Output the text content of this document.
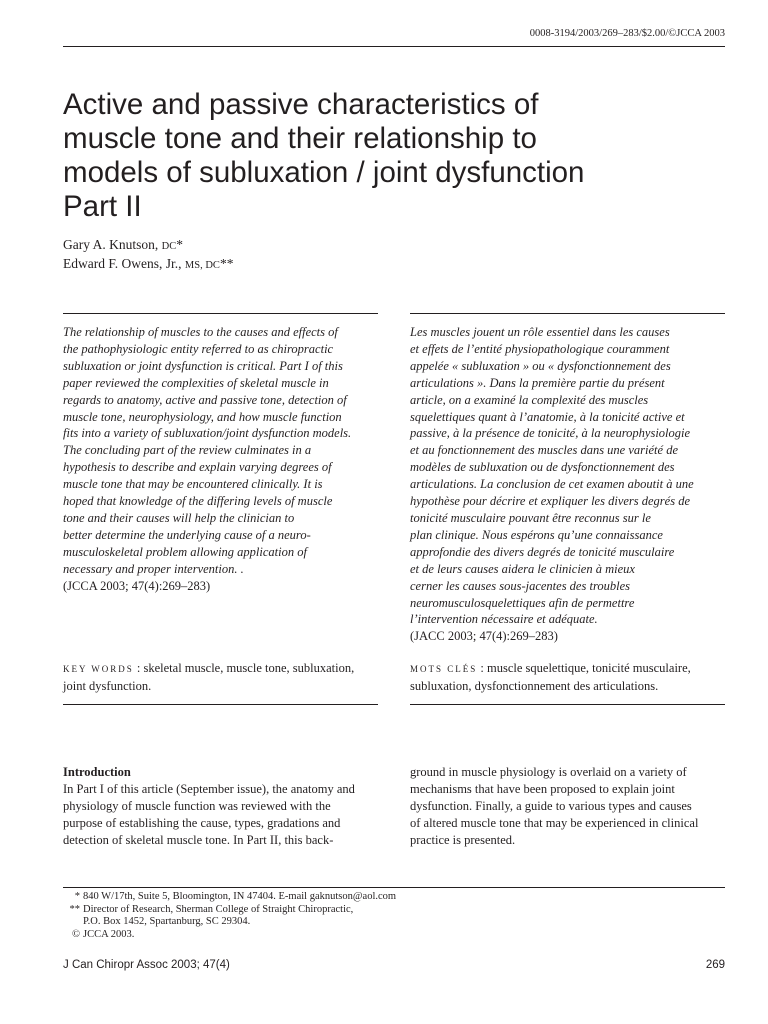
0008-3194/2003/269–283/$2.00/©JCCA 2003
Active and passive characteristics of
muscle tone and their relationship to
models of subluxation / joint dysfunction
Part II
Gary A. Knutson, DC*
Edward F. Owens, Jr., MS, DC**
The relationship of muscles to the causes and effects of
the pathophysiologic entity referred to as chiropractic
subluxation or joint dysfunction is critical. Part I of this
paper reviewed the complexities of skeletal muscle in
regards to anatomy, active and passive tone, detection of
muscle tone, neurophysiology, and how muscle function
fits into a variety of subluxation/joint dysfunction models.
The concluding part of the review culminates in a
hypothesis to describe and explain varying degrees of
muscle tone that may be encountered clinically. It is
hoped that knowledge of the differing levels of muscle
tone and their causes will help the clinician to
better determine the underlying cause of a neuro-
musculoskeletal problem allowing application of
necessary and proper intervention. .
(JCCA 2003; 47(4):269–283)
Les muscles jouent un rôle essentiel dans les causes
et effets de l’entité physiopathologique couramment
appelée « subluxation » ou « dysfonctionnement des
articulations ». Dans la première partie du présent
article, on a examiné la complexité des muscles
squelettiques quant à l’anatomie, à la tonicité active et
passive, à la présence de tonicité, à la neurophysiologie
et au fonctionnement des muscles dans une variété de
modèles de subluxation ou de dysfonctionnement des
articulations. La conclusion de cet examen aboutit à une
hypothèse pour décrire et expliquer les divers degrés de
tonicité musculaire pouvant être reconnus sur le
plan clinique. Nous espérons qu’une connaissance
approfondie des divers degrés de tonicité musculaire
et de leurs causes aidera le clinicien à mieux
cerner les causes sous-jacentes des troubles
neuromusculosquelettiques afin de permettre
l’intervention nécessaire et adéquate.
(JACC 2003; 47(4):269–283)
KEY WORDS : skeletal muscle, muscle tone, subluxation,
joint dysfunction.
MOTS CLÉS : muscle squelettique, tonicité musculaire,
subluxation, dysfonctionnement des articulations.
Introduction
In Part I of this article (September issue), the anatomy and
physiology of muscle function was reviewed with the
purpose of establishing the cause, types, gradations and
detection of skeletal muscle tone. In Part II, this back-
ground in muscle physiology is overlaid on a variety of
mechanisms that have been proposed to explain joint
dysfunction. Finally, a guide to various types and causes
of altered muscle tone that may be experienced in clinical
practice is presented.
* 840 W/17th, Suite 5, Bloomington, IN 47404. E-mail gaknutson@aol.com
** Director of Research, Sherman College of Straight Chiropractic,
P.O. Box 1452, Spartanburg, SC 29304.
© JCCA 2003.
J Can Chiropr Assoc 2003; 47(4)	269
